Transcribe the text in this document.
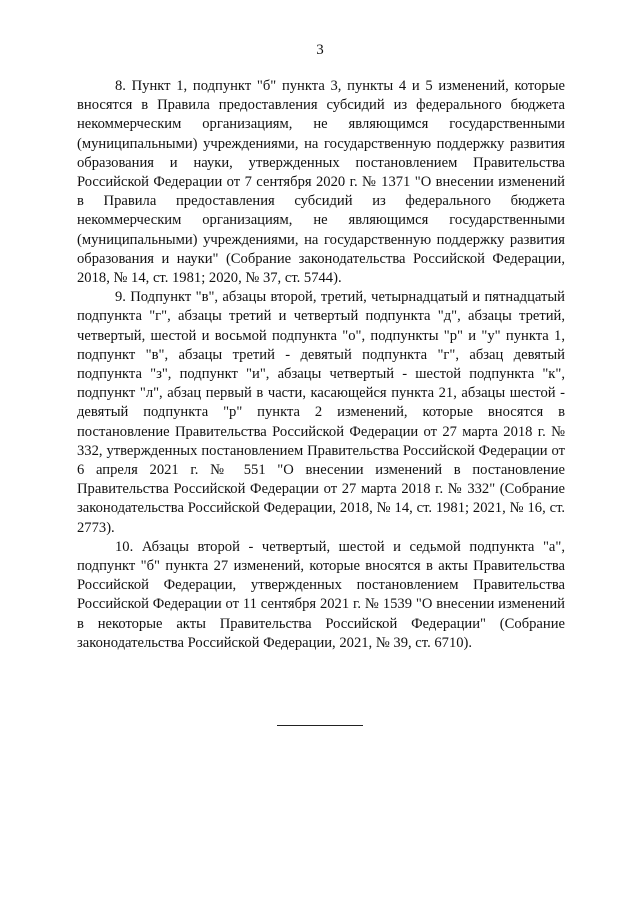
3

8. Пункт 1, подпункт "б" пункта 3, пункты 4 и 5 изменений, которые вносятся в Правила предоставления субсидий из федерального бюджета некоммерческим организациям, не являющимся государственными (муниципальными) учреждениями, на государственную поддержку развития образования и науки, утвержденных постановлением Правительства Российской Федерации от 7 сентября 2020 г. № 1371 "О внесении изменений в Правила предоставления субсидий из федерального бюджета некоммерческим организациям, не являющимся государственными (муниципальными) учреждениями, на государственную поддержку развития образования и науки" (Собрание законодательства Российской Федерации, 2018, № 14, ст. 1981; 2020, № 37, ст. 5744).

9. Подпункт "в", абзацы второй, третий, четырнадцатый и пятнадцатый подпункта "г", абзацы третий и четвертый подпункта "д", абзацы третий, четвертый, шестой и восьмой подпункта "о", подпункты "р" и "у" пункта 1, подпункт "в", абзацы третий - девятый подпункта "г", абзац девятый подпункта "з", подпункт "и", абзацы четвертый - шестой подпункта "к", подпункт "л", абзац первый в части, касающейся пункта 21, абзацы шестой - девятый подпункта "р" пункта 2 изменений, которые вносятся в постановление Правительства Российской Федерации от 27 марта 2018 г. № 332, утвержденных постановлением Правительства Российской Федерации от 6 апреля 2021 г. № 551 "О внесении изменений в постановление Правительства Российской Федерации от 27 марта 2018 г. № 332" (Собрание законодательства Российской Федерации, 2018, № 14, ст. 1981; 2021, № 16, ст. 2773).

10. Абзацы второй - четвертый, шестой и седьмой подпункта "а", подпункт "б" пункта 27 изменений, которые вносятся в акты Правительства Российской Федерации, утвержденных постановлением Правительства Российской Федерации от 11 сентября 2021 г. № 1539 "О внесении изменений в некоторые акты Правительства Российской Федерации" (Собрание законодательства Российской Федерации, 2021, № 39, ст. 6710).
